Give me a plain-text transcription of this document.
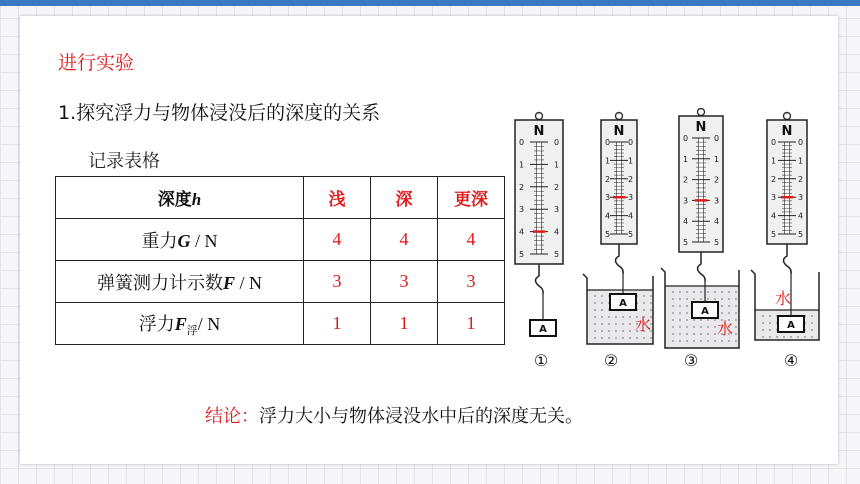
进行实验
1.探究浮力与物体浸没后的深度的关系
记录表格
深度h	浅	深	更深
重力G / N	4	4	4
弹簧测力计示数F / N	3	3	3
浮力$F_浮/$ N	1	1	1
N
0	0
1	1
2	2
3	3
4	4
5	5
A
①
N
0 0
1 1
2 2
3 3
4 4
5 5
A
水
②
N
0	0
1	1
2	2
3	3
4	4
5	5
A
水
③
N
0	0
1	1
2	2
3	3
4	4
5	5
A
水
④
结论：浮力大小与物体浸没水中后的深度无关。
